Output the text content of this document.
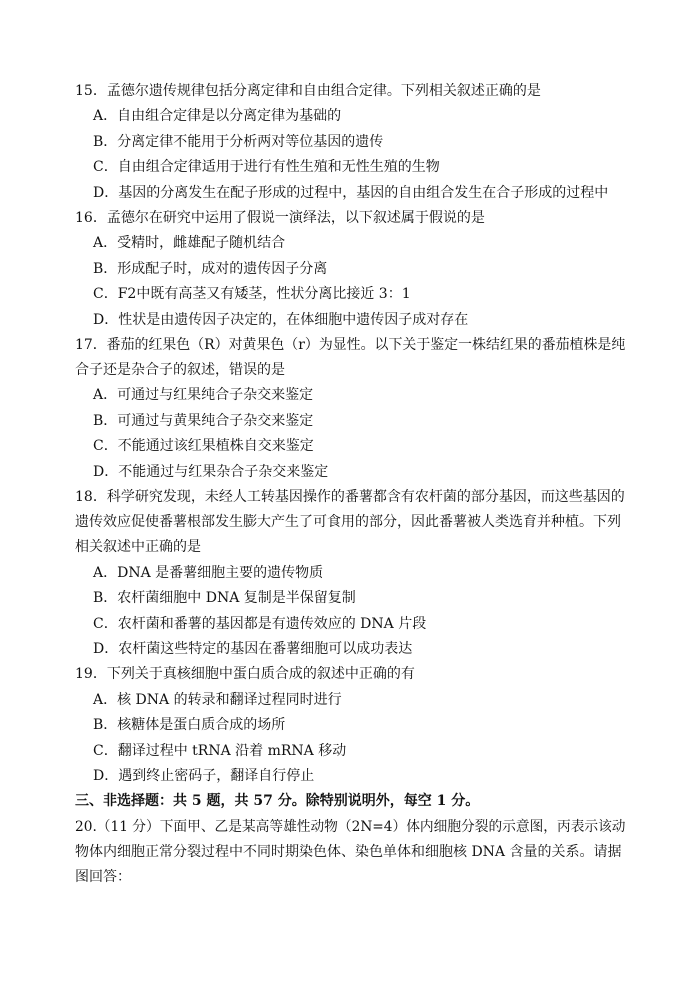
15．孟德尔遗传规律包括分离定律和自由组合定律。下列相关叙述正确的是
A．自由组合定律是以分离定律为基础的
B．分离定律不能用于分析两对等位基因的遗传
C．自由组合定律适用于进行有性生殖和无性生殖的生物
D．基因的分离发生在配子形成的过程中，基因的自由组合发生在合子形成的过程中
16．孟德尔在研究中运用了假说一演绎法，以下叙述属于假说的是
A．受精时，雌雄配子随机结合
B．形成配子时，成对的遗传因子分离
C．F2中既有高茎又有矮茎，性状分离比接近 3：1
D．性状是由遗传因子决定的，在体细胞中遗传因子成对存在
17．番茄的红果色（R）对黄果色（r）为显性。以下关于鉴定一株结红果的番茄植株是纯
合子还是杂合子的叙述，错误的是
A．可通过与红果纯合子杂交来鉴定
B．可通过与黄果纯合子杂交来鉴定
C．不能通过该红果植株自交来鉴定
D．不能通过与红果杂合子杂交来鉴定
18．科学研究发现，未经人工转基因操作的番薯都含有农杆菌的部分基因，而这些基因的
遗传效应促使番薯根部发生膨大产生了可食用的部分，因此番薯被人类选育并种植。下列
相关叙述中正确的是
A．DNA 是番薯细胞主要的遗传物质
B．农杆菌细胞中 DNA 复制是半保留复制
C．农杆菌和番薯的基因都是有遗传效应的 DNA 片段
D．农杆菌这些特定的基因在番薯细胞可以成功表达
19．下列关于真核细胞中蛋白质合成的叙述中正确的有
A．核 DNA 的转录和翻译过程同时进行
B．核糖体是蛋白质合成的场所
C．翻译过程中 tRNA 沿着 mRNA 移动
D．遇到终止密码子，翻译自行停止
三、非选择题：共 5 题，共 57 分。除特别说明外，每空 1 分。
20.（11 分）下面甲、乙是某高等雄性动物（2N=4）体内细胞分裂的示意图，丙表示该动
物体内细胞正常分裂过程中不同时期染色体、染色单体和细胞核 DNA 含量的关系。请据
图回答：
